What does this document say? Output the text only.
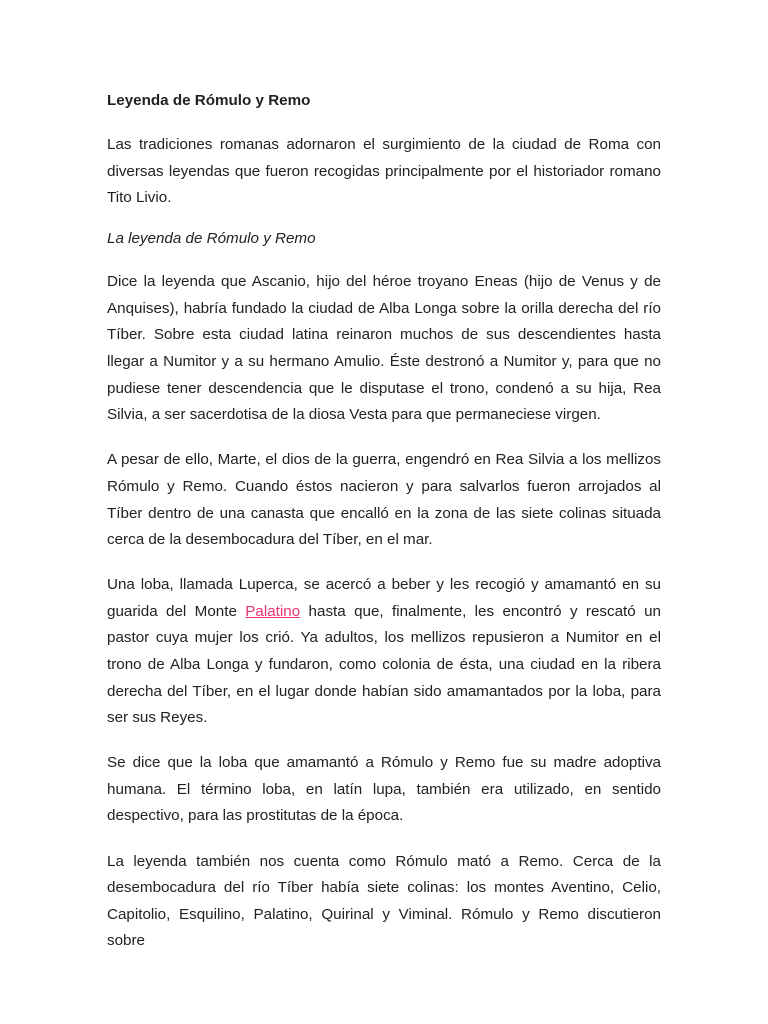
Leyenda de Rómulo y Remo

Las tradiciones romanas adornaron el surgimiento de la ciudad de Roma con diversas leyendas que fueron recogidas principalmente por el historiador romano Tito Livio.

La leyenda de Rómulo y Remo

Dice la leyenda que Ascanio, hijo del héroe troyano Eneas (hijo de Venus y de Anquises), habría fundado la ciudad de Alba Longa sobre la orilla derecha del río Tíber. Sobre esta ciudad latina reinaron muchos de sus descendientes hasta llegar a Numitor y a su hermano Amulio. Éste destronó a Numitor y, para que no pudiese tener descendencia que le disputase el trono, condenó a su hija, Rea Silvia, a ser sacerdotisa de la diosa Vesta para que permaneciese virgen.

A pesar de ello, Marte, el dios de la guerra, engendró en Rea Silvia a los mellizos Rómulo y Remo. Cuando éstos nacieron y para salvarlos fueron arrojados al Tíber dentro de una canasta que encalló en la zona de las siete colinas situada cerca de la desembocadura del Tíber, en el mar.

Una loba, llamada Luperca, se acercó a beber y les recogió y amamantó en su guarida del Monte Palatino hasta que, finalmente, les encontró y rescató un pastor cuya mujer los crió. Ya adultos, los mellizos repusieron a Numitor en el trono de Alba Longa y fundaron, como colonia de ésta, una ciudad en la ribera derecha del Tíber, en el lugar donde habían sido amamantados por la loba, para ser sus Reyes.

Se dice que la loba que amamantó a Rómulo y Remo fue su madre adoptiva humana. El término loba, en latín lupa, también era utilizado, en sentido despectivo, para las prostitutas de la época.

La leyenda también nos cuenta como Rómulo mató a Remo. Cerca de la desembocadura del río Tíber había siete colinas: los montes Aventino, Celio, Capitolio, Esquilino, Palatino, Quirinal y Viminal. Rómulo y Remo discutieron sobre
